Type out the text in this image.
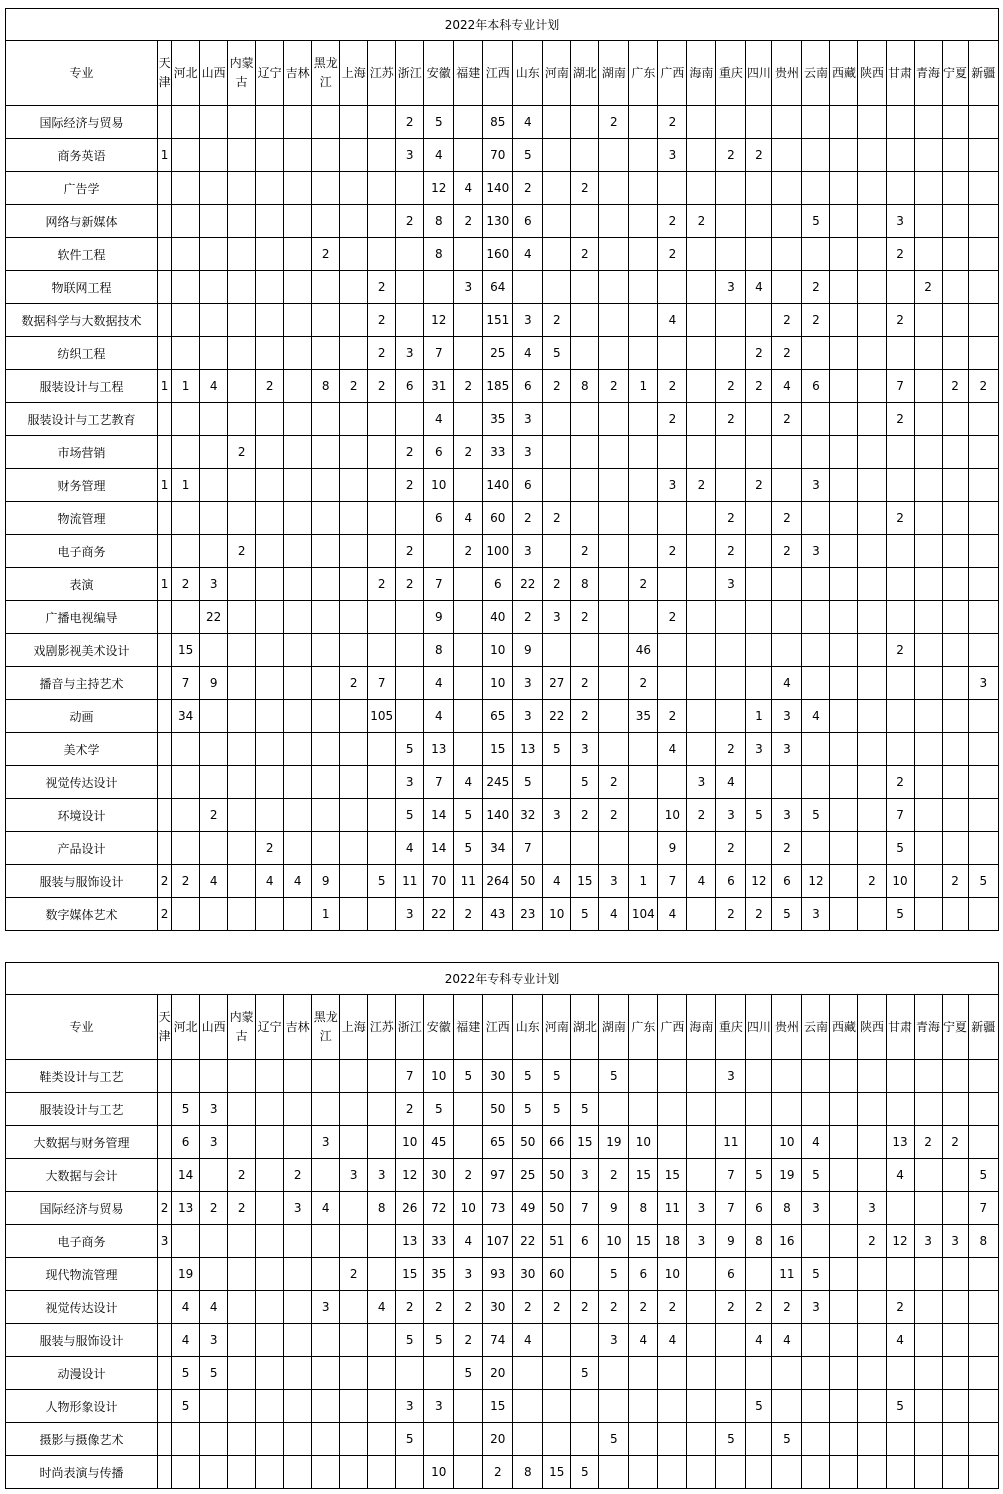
2022年本科专业计划																														
专业	天津	河北	山西	内蒙古	辽宁	吉林	黑龙江	上海	江苏	浙江	安徽	福建	江西	山东	河南	湖北	湖南	广东	广西	海南	重庆	四川	贵州	云南	西藏	陕西	甘肃	青海	宁夏	新疆
国际经济与贸易										2	5		85	4			2		2											
商务英语	1									3	4		70	5					3		2	2								
广告学											12	4	140	2		2														
网络与新媒体										2	8	2	130	6					2	2				5			3			
软件工程							2				8		160	4		2			2								2			
物联网工程									2			3	64								3	4		2				2		
数据科学与大数据技术									2		12		151	3	2				4				2	2			2			
纺织工程									2	3	7		25	4	5							2	2							
服装设计与工程	1	1	4		2		8	2	2	6	31	2	185	6	2	8	2	1	2		2	2	4	6			7		2	2
服装设计与工艺教育											4		35	3					2		2		2				2			
市场营销				2						2	6	2	33	3																
财务管理	1	1								2	10		140	6					3	2		2		3						
物流管理											6	4	60	2	2						2		2				2			
电子商务				2						2		2	100	3		2			2		2		2	3						
表演	1	2	3						2	2	7		6	22	2	8		2			3									
广播电视编导			22								9		40	2	3	2			2											
戏剧影视美术设计		15									8		10	9				46									2			
播音与主持艺术		7	9					2	7		4		10	3	27	2		2					4							3
动画		34							105		4		65	3	22	2		35	2			1	3	4						
美术学										5	13		15	13	5	3			4		2	3	3							
视觉传达设计										3	7	4	245	5		5	2			3	4						2			
环境设计			2							5	14	5	140	32	3	2	2		10	2	3	5	3	5			7			
产品设计					2					4	14	5	34	7					9		2		2				5			
服装与服饰设计	2	2	4		4	4	9		5	11	70	11	264	50	4	15	3	1	7	4	6	12	6	12		2	10		2	5
数字媒体艺术	2						1			3	22	2	43	23	10	5	4	104	4		2	2	5	3			5			
2022年专科专业计划																														
专业	天津	河北	山西	内蒙古	辽宁	吉林	黑龙江	上海	江苏	浙江	安徽	福建	江西	山东	河南	湖北	湖南	广东	广西	海南	重庆	四川	贵州	云南	西藏	陕西	甘肃	青海	宁夏	新疆
鞋类设计与工艺										7	10	5	30	5	5		5				3									
服装设计与工艺		5	3							2	5		50	5	5	5														
大数据与财务管理		6	3				3			10	45		65	50	66	15	19	10			11		10	4			13	2	2	
大数据与会计		14		2		2		3	3	12	30	2	97	25	50	3	2	15	15		7	5	19	5			4			5
国际经济与贸易	2	13	2	2		3	4		8	26	72	10	73	49	50	7	9	8	11	3	7	6	8	3		3				7
电子商务	3									13	33	4	107	22	51	6	10	15	18	3	9	8	16			2	12	3	3	8
现代物流管理		19						2		15	35	3	93	30	60		5	6	10		6		11	5						
视觉传达设计		4	4				3		4	2	2	2	30	2	2	2	2	2	2		2	2	2	3			2			
服装与服饰设计		4	3							5	5	2	74	4			3	4	4			4	4				4			
动漫设计		5	5									5	20			5														
人物形象设计		5								3	3		15									5					5			
摄影与摄像艺术										5			20				5				5		5							
时尚表演与传播											10		2	8	15	5														
